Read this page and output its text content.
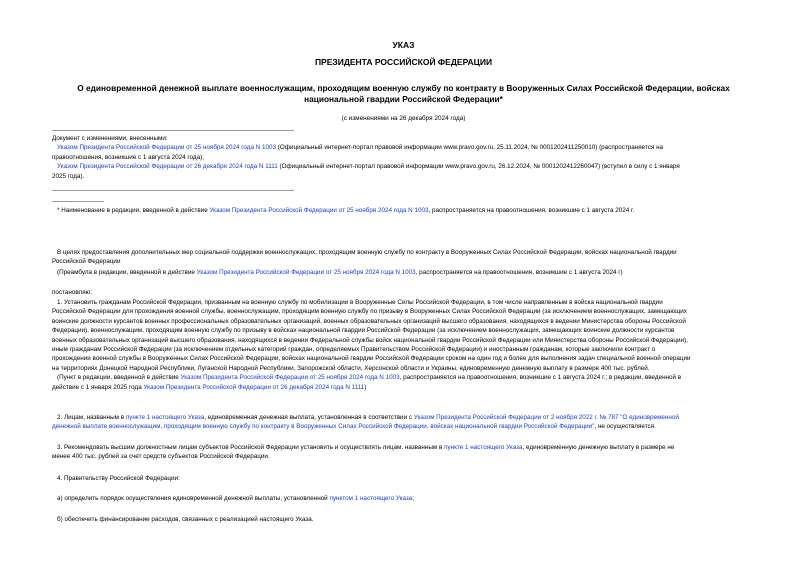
УКАЗ
ПРЕЗИДЕНТА РОССИЙСКОЙ ФЕДЕРАЦИИ
О единовременной денежной выплате военнослужащим, проходящим военную службу по контракту в Вооруженных Силах Российской Федерации, войсках
национальной гвардии Российской Федерации*
(с изменениями на 26 декабря 2024 года)
Документ с изменениями, внесенными:
Указом Президента Российской Федерации от 25 ноября 2024 года N 1003 (Официальный интернет-портал правовой информации www.pravo.gov.ru, 25.11.2024, № 0001202411250010) (распространяется на
правоотношения, возникшие с 1 августа 2024 года);
Указом Президента Российской Федерации от 26 декабря 2024 года N 1111 (Официальный интернет-портал правовой информации www.pravo.gov.ru, 26.12.2024, № 0001202412260047) (вступил в силу с 1 января
2025 года).
* Наименование в редакции, введенной в действие Указом Президента Российской Федерации от 25 ноября 2024 года N 1003, распространяется на правоотношения, возникшие с 1 августа 2024 г.
В целях предоставления дополнительных мер социальной поддержки военнослужащих, проходящим военную службу по контракту в Вооруженных Силах Российской Федерации, войсках национальной гвардии
Российской Федерации
(Преамбула в редакции, введенной в действие Указом Президента Российской Федерации от 25 ноября 2024 года N 1003, распространяется на правоотношения, возникшие с 1 августа 2024 г)
постановляю:
1. Установить гражданам Российской Федерации, призванным на военную службу по мобилизации в Вооруженные Силы Российской Федерации, в том числе направленным в войска национальной гвардии
Российской Федерации для прохождения военной службы, военнослужащим, проходящим военную службу по призыву в Вооруженных Силах Российской Федерации (за исключением военнослужащих, замещающих
воинские должности курсантов военных профессиональных образовательных организаций, военных образовательных организаций высшего образования, находящихся в ведении Министерства обороны Российской
Федерации), военнослужащим, проходящим военную службу по призыву в войсках национальной гвардии Российской Федерации (за исключением военнослужащих, замещающих воинские должности курсантов
военных образовательных организаций высшего образования, находящихся в ведении Федеральной службы войск национальной гвардии Российской Федерации или Министерства обороны Российской Федерации),
иным гражданам Российской Федерации (за исключением отдельных категорий граждан, определяемых Правительством Российской Федерации) и иностранным гражданам, которые заключили контракт о
прохождении военной службы в Вооруженных Силах Российской Федерации, войсках национальной гвардии Российской Федерации сроком на один год и более для выполнения задач специальной военной операции
на территориях Донецкой Народной Республики, Луганской Народной Республики, Запорожской области, Херсонской области и Украины, единовременную денежную выплату в размере 400 тыс. рублей.
(Пункт в редакции, введенной в действие Указом Президента Российской Федерации от 25 ноября 2024 года N 1003, распространяется на правоотношения, возникшие с 1 августа 2024 г.; в редакции, введенной в
действие с 1 января 2025 года Указом Президента Российской Федерации от 26 декабря 2024 года N 1111)
2. Лицам, названным в пункте 1 настоящего Указа, единовременная денежная выплата, установленная в соответствии с Указом Президента Российской Федерации от 2 ноября 2022 г. № 787 "О единовременной
денежной выплате военнослужащим, проходящим военную службу по контракту в Вооруженных Силах Российской Федерации, войсках национальной гвардии Российской Федерации", не осуществляется.
3. Рекомендовать высшим должностным лицам субъектов Российской Федерации установить и осуществлять лицам, названным в пункте 1 настоящего Указа, единовременную денежную выплату в размере не
менее 400 тыс. рублей за счет средств субъектов Российской Федерации.
4. Правительству Российской Федерации:
а) определить порядок осуществления единовременной денежной выплаты, установленной пунктом 1 настоящего Указа;
б) обеспечить финансирование расходов, связанных с реализацией настоящего Указа.
